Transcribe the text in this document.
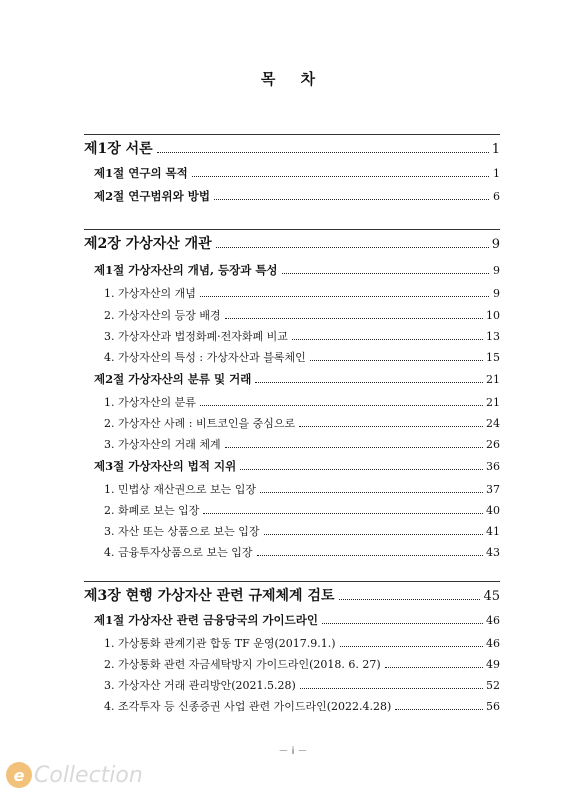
목 차
제1장 서론	1
제1절 연구의 목적	1
제2절 연구범위와 방법	6
제2장 가상자산 개관	9
제1절 가상자산의 개념, 등장과 특성	9
1. 가상자산의 개념	9
2. 가상자산의 등장 배경	10
3. 가상자산과 법정화폐·전자화폐 비교	13
4. 가상자산의 특성 : 가상자산과 블록체인	15
제2절 가상자산의 분류 및 거래	21
1. 가상자산의 분류	21
2. 가상자산 사례 : 비트코인을 중심으로	24
3. 가상자산의 거래 체계	26
제3절 가상자산의 법적 지위	36
1. 민법상 재산권으로 보는 입장	37
2. 화폐로 보는 입장	40
3. 자산 또는 상품으로 보는 입장	41
4. 금융투자상품으로 보는 입장	43
제3장 현행 가상자산 관련 규제체계 검토	45
제1절 가상자산 관련 금융당국의 가이드라인	46
1. 가상통화 관계기관 합동 TF 운영(2017.9.1.)	46
2. 가상통화 관련 자금세탁방지 가이드라인(2018. 6. 27)	49
3. 가상자산 거래 관리방안(2021.5.28)	52
4. 조각투자 등 신종증권 사업 관련 가이드라인(2022.4.28)	56
－ i －
e Collection
